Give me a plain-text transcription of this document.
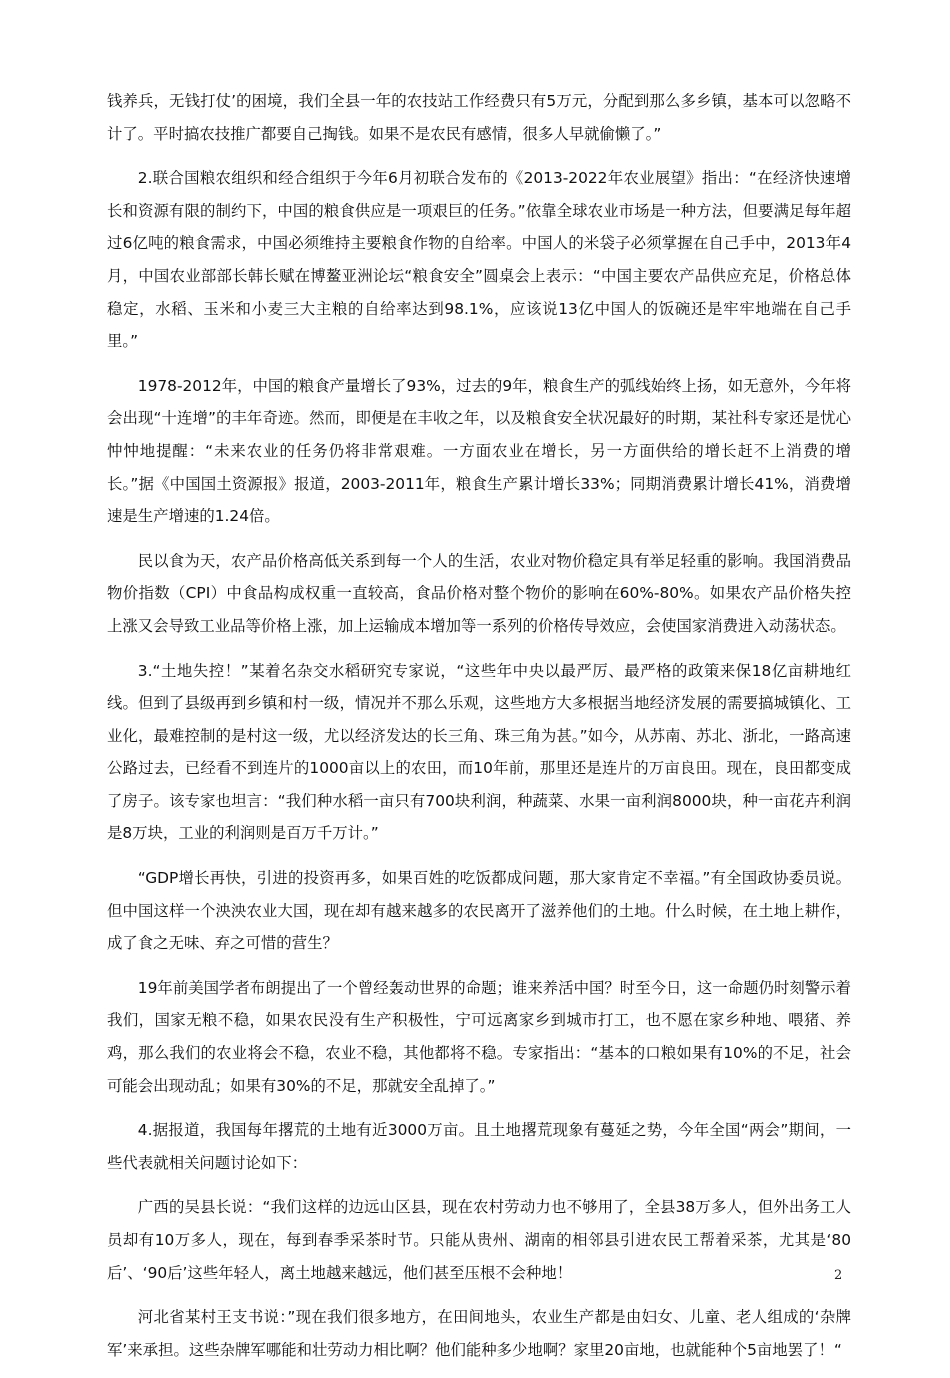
钱养兵，无钱打仗’的困境，我们全县一年的农技站工作经费只有5万元，分配到那么多乡镇，基本可以忽略不计了。平时搞农技推广都要自己掏钱。如果不是农民有感情，很多人早就偷懒了。”

2.联合国粮农组织和经合组织于今年6月初联合发布的《2013-2022年农业展望》指出：“在经济快速增长和资源有限的制约下，中国的粮食供应是一项艰巨的任务。”依靠全球农业市场是一种方法，但要满足每年超过6亿吨的粮食需求，中国必须维持主要粮食作物的自给率。中国人的米袋子必须掌握在自己手中，2013年4月，中国农业部部长韩长赋在博鳌亚洲论坛“粮食安全”圆桌会上表示：“中国主要农产品供应充足，价格总体稳定，水稻、玉米和小麦三大主粮的自给率达到98.1%，应该说13亿中国人的饭碗还是牢牢地端在自己手里。”

1978-2012年，中国的粮食产量增长了93%，过去的9年，粮食生产的弧线始终上扬，如无意外，今年将会出现“十连增”的丰年奇迹。然而，即便是在丰收之年，以及粮食安全状况最好的时期，某社科专家还是忧心忡忡地提醒：“未来农业的任务仍将非常艰难。一方面农业在增长，另一方面供给的增长赶不上消费的增长。”据《中国国土资源报》报道，2003-2011年，粮食生产累计增长33%；同期消费累计增长41%，消费增速是生产增速的1.24倍。

民以食为天，农产品价格高低关系到每一个人的生活，农业对物价稳定具有举足轻重的影响。我国消费品物价指数（CPI）中食品构成权重一直较高，食品价格对整个物价的影响在60%-80%。如果农产品价格失控上涨又会导致工业品等价格上涨，加上运输成本增加等一系列的价格传导效应，会使国家消费进入动荡状态。

3.“土地失控！”某着名杂交水稻研究专家说，“这些年中央以最严厉、最严格的政策来保18亿亩耕地红线。但到了县级再到乡镇和村一级，情况并不那么乐观，这些地方大多根据当地经济发展的需要搞城镇化、工业化，最难控制的是村这一级，尤以经济发达的长三角、珠三角为甚。”如今，从苏南、苏北、浙北，一路高速公路过去，已经看不到连片的1000亩以上的农田，而10年前，那里还是连片的万亩良田。现在，良田都变成了房子。该专家也坦言：“我们种水稻一亩只有700块利润，种蔬菜、水果一亩利润8000块，种一亩花卉利润是8万块，工业的利润则是百万千万计。”

“GDP增长再快，引进的投资再多，如果百姓的吃饭都成问题，那大家肯定不幸福。”有全国政协委员说。但中国这样一个泱泱农业大国，现在却有越来越多的农民离开了滋养他们的土地。什么时候，在土地上耕作，成了食之无味、弃之可惜的营生？

19年前美国学者布朗提出了一个曾经轰动世界的命题；谁来养活中国？时至今日，这一命题仍时刻警示着我们，国家无粮不稳，如果农民没有生产积极性，宁可远离家乡到城市打工，也不愿在家乡种地、喂猪、养鸡，那么我们的农业将会不稳，农业不稳，其他都将不稳。专家指出：“基本的口粮如果有10%的不足，社会可能会出现动乱；如果有30%的不足，那就安全乱掉了。”

4.据报道，我国每年撂荒的土地有近3000万亩。且土地撂荒现象有蔓延之势，今年全国“两会”期间，一些代表就相关问题讨论如下：

广西的吴县长说：“我们这样的边远山区县，现在农村劳动力也不够用了，全县38万多人，但外出务工人员却有10万多人，现在，每到春季采茶时节。只能从贵州、湖南的相邻县引进农民工帮着采茶，尤其是‘80后’、‘90后’这些年轻人，离土地越来越远，他们甚至压根不会种地！

河北省某村王支书说：”现在我们很多地方，在田间地头，农业生产都是由妇女、儿童、老人组成的‘杂牌军’来承担。这些杂牌军哪能和壮劳动力相比啊？他们能种多少地啊？家里20亩地，也就能种个5亩地罢了！“

2
